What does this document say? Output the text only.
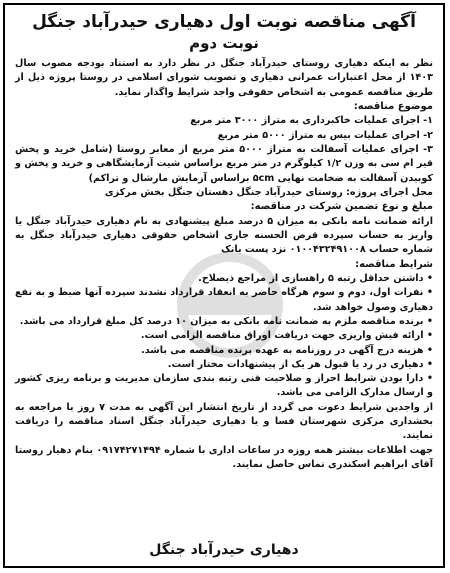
آگهی مناقصه نوبت اول دهیاری حیدرآباد جنگل
نوبت دوم

نظر به اینکه دهیاری روستای حیدرآباد جنگل در نظر دارد به استناد بودجه مصوب سال ۱۴۰۳ از محل اعتبارات عمرانی دهیاری و تصویب شورای اسلامی در روستا پروژه ذیل از طریق مناقصه عمومی به اشخاص حقوقی واجد شرایط واگذار نماید.

موضوع مناقصه:

۱- اجرای عملیات خاکبرداری به متراژ ۳۰۰۰ متر مربع
۲- اجرای عملیات بیس به متراژ ۵۰۰۰ متر مربع
۳- اجرای عملیات آسفالت به متراژ ۵۰۰۰ متر مربع از معابر روستا (شامل خرید و پخش قیر ام سی به وزن ۱/۲ کیلوگرم در متر مربع براساس شیت آزمایشگاهی و خرید و پخش و کوبیدن آسفالت به ضخامت نهایی ۵cm براساس آزمایش مارشال و تراکم)

محل اجرای پروژه: روستای حیدرآباد جنگل دهستان جنگل بخش مرکزی

مبلغ و نوع تضمین شرکت در مناقصه:

ارائه ضمانت نامه بانکی به میزان ۵ درصد مبلغ پیشنهادی به نام دهیاری حیدرآباد جنگل یا واریز به حساب سپرده قرض الحسنه جاری اشخاص حقوقی دهیاری حیدرآباد جنگل به شماره حساب ۰۱۰۰۴۳۲۴۹۱۰۰۸ نزد پست بانک

شرایط مناقصه:

• داشتن حداقل رتبه ۵ راهسازی از مراجع ذیصلاح.
• نفرات اول، دوم و سوم هرگاه حاضر به انعقاد قرارداد نشدند سپرده آنها ضبط و به نفع دهیاری وصول خواهد شد.
• برنده مناقصه ملزم به ضمانت نامه بانکی به میزان ۱۰ درصد کل مبلغ قرارداد می باشد.
• ارائه فیش واریزی جهت دریافت اوراق مناقصه الزامی است.
• هزینه درج آگهی در روزنامه به عهده برنده مناقصه می باشد.
• دهیاری در رد یا قبول هر یک از پیشنهادات مختار است.
• دارا بودن شرایط احراز و صلاحیت فنی رتبه بندی سازمان مدیریت و برنامه ریزی کشور و ارسال مدارک الزامی می باشد.

از واجدین شرایط دعوت می گردد از تاریخ انتشار این آگهی به مدت ۷ روز با مراجعه به بخشداری مرکزی شهرستان فسا و یا دهیاری حیدرآباد جنگل اسناد مناقصه را دریافت نمایند.

جهت اطلاعات بیشتر همه روزه در ساعات اداری با شماره ۰۹۱۷۴۲۷۱۴۹۴ بنام دهیار روستا آقای ابراهیم اسکندری تماس حاصل نمایند.

دهیاری حیدرآباد جنگل
